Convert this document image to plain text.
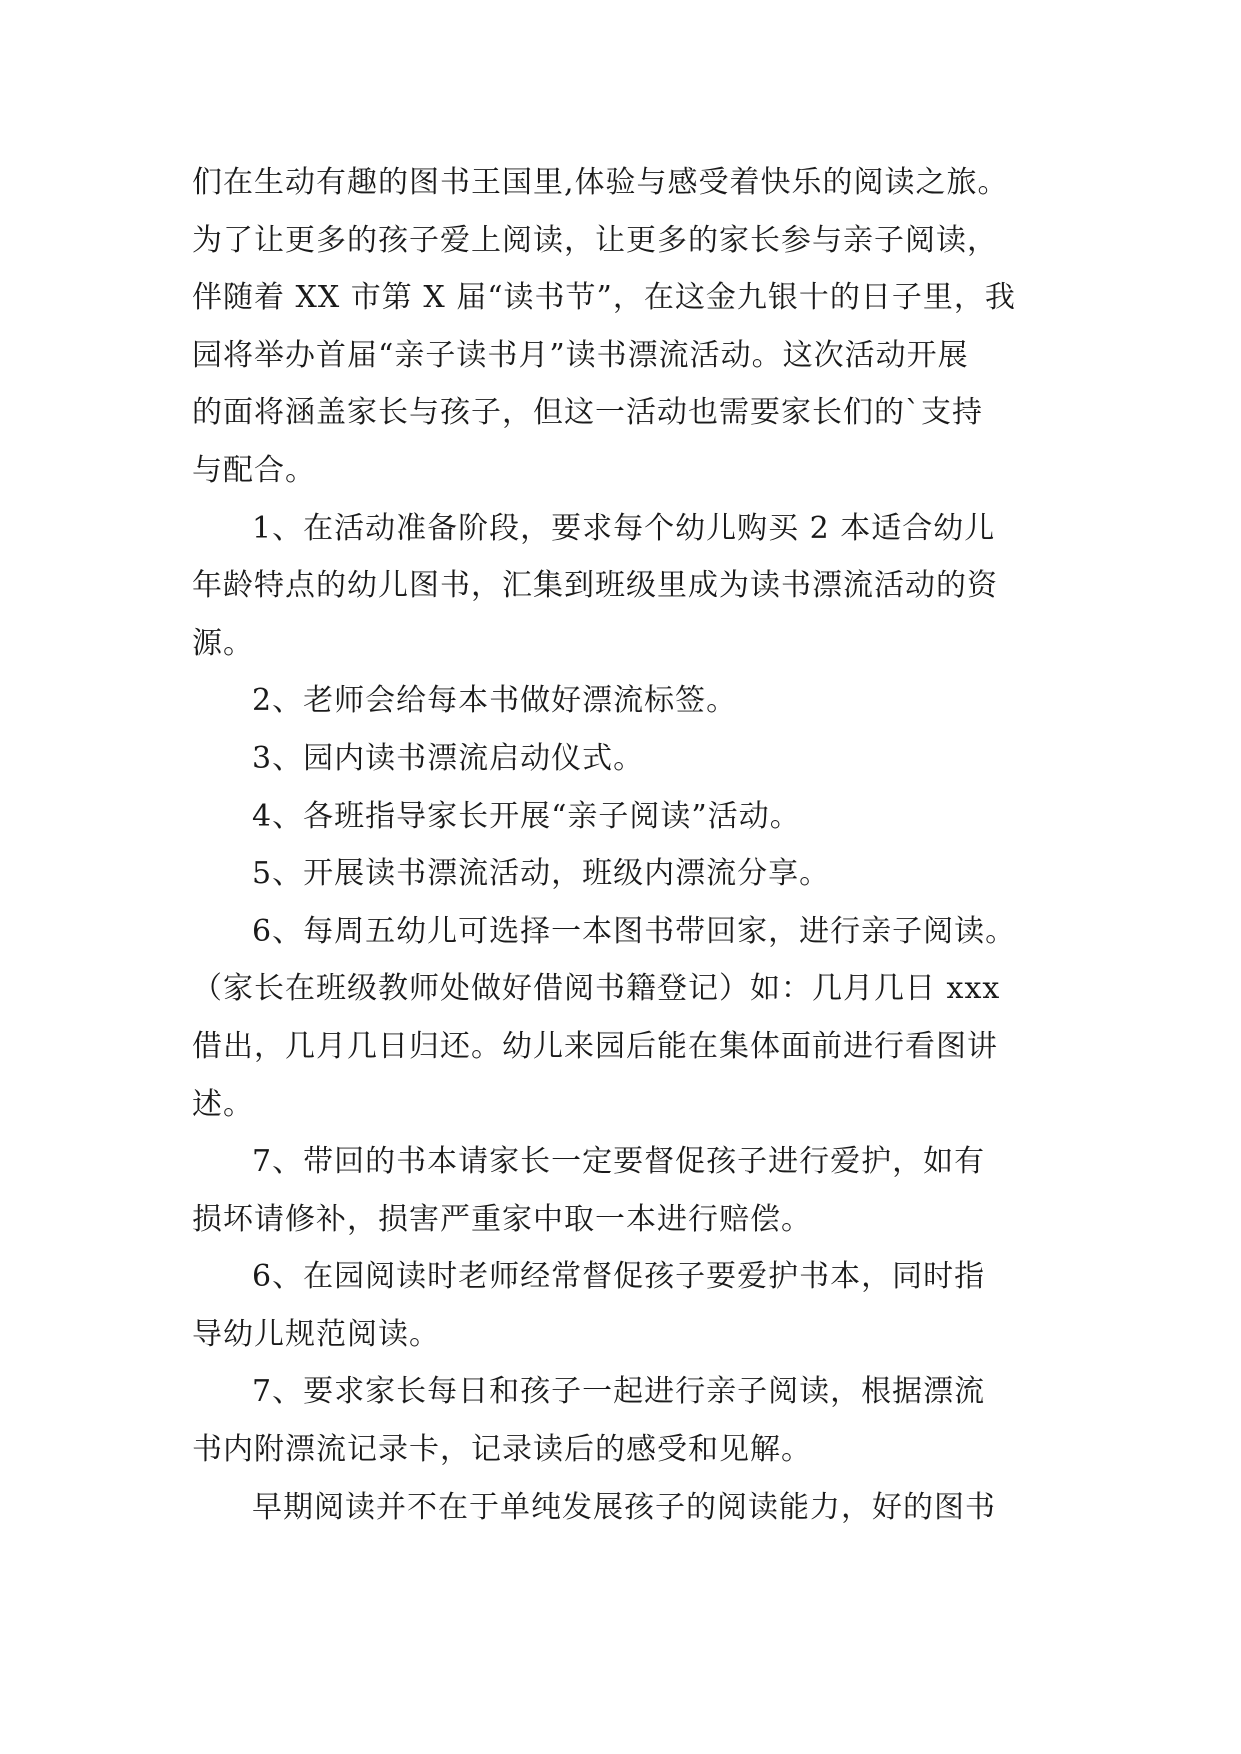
们在生动有趣的图书王国里,体验与感受着快乐的阅读之旅。
为了让更多的孩子爱上阅读，让更多的家长参与亲子阅读，
伴随着 XX 市第 X 届“读书节”，在这金九银十的日子里，我
园将举办首届“亲子读书月”读书漂流活动。这次活动开展
的面将涵盖家长与孩子，但这一活动也需要家长们的`支持
与配合。
1、在活动准备阶段，要求每个幼儿购买 2 本适合幼儿
年龄特点的幼儿图书，汇集到班级里成为读书漂流活动的资
源。
2、老师会给每本书做好漂流标签。
3、园内读书漂流启动仪式。
4、各班指导家长开展“亲子阅读”活动。
5、开展读书漂流活动，班级内漂流分享。
6、每周五幼儿可选择一本图书带回家，进行亲子阅读。
（家长在班级教师处做好借阅书籍登记）如：几月几日 xxx
借出，几月几日归还。幼儿来园后能在集体面前进行看图讲
述。
7、带回的书本请家长一定要督促孩子进行爱护，如有
损坏请修补，损害严重家中取一本进行赔偿。
6、在园阅读时老师经常督促孩子要爱护书本，同时指
导幼儿规范阅读。
7、要求家长每日和孩子一起进行亲子阅读，根据漂流
书内附漂流记录卡，记录读后的感受和见解。
早期阅读并不在于单纯发展孩子的阅读能力，好的图书
